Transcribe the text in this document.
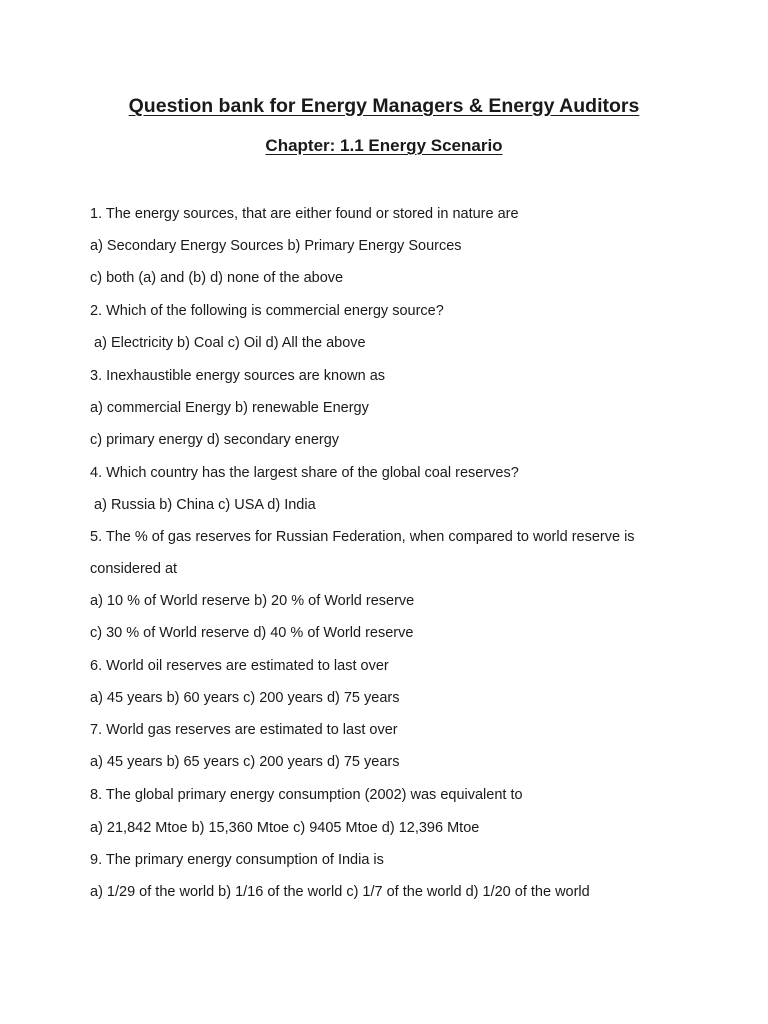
Question bank for Energy Managers & Energy Auditors
Chapter: 1.1 Energy Scenario
1. The energy sources, that are either found or stored in nature are
a) Secondary Energy Sources b) Primary Energy Sources
c) both (a) and (b) d) none of the above
2. Which of the following is commercial energy source?
a) Electricity b) Coal c) Oil d) All the above
3. Inexhaustible energy sources are known as
a) commercial Energy b) renewable Energy
c) primary energy d) secondary energy
4. Which country has the largest share of the global coal reserves?
a) Russia b) China c) USA d) India
5. The % of gas reserves for Russian Federation, when compared to world reserve is
considered at
a) 10 % of World reserve b) 20 % of World reserve
c) 30 % of World reserve d) 40 % of World reserve
6. World oil reserves are estimated to last over
a) 45 years b) 60 years c) 200 years d) 75 years
7. World gas reserves are estimated to last over
a) 45 years b) 65 years c) 200 years d) 75 years
8. The global primary energy consumption (2002) was equivalent to
a) 21,842 Mtoe b) 15,360 Mtoe c) 9405 Mtoe d) 12,396 Mtoe
9. The primary energy consumption of India is
a) 1/29 of the world b) 1/16 of the world c) 1/7 of the world d) 1/20 of the world
